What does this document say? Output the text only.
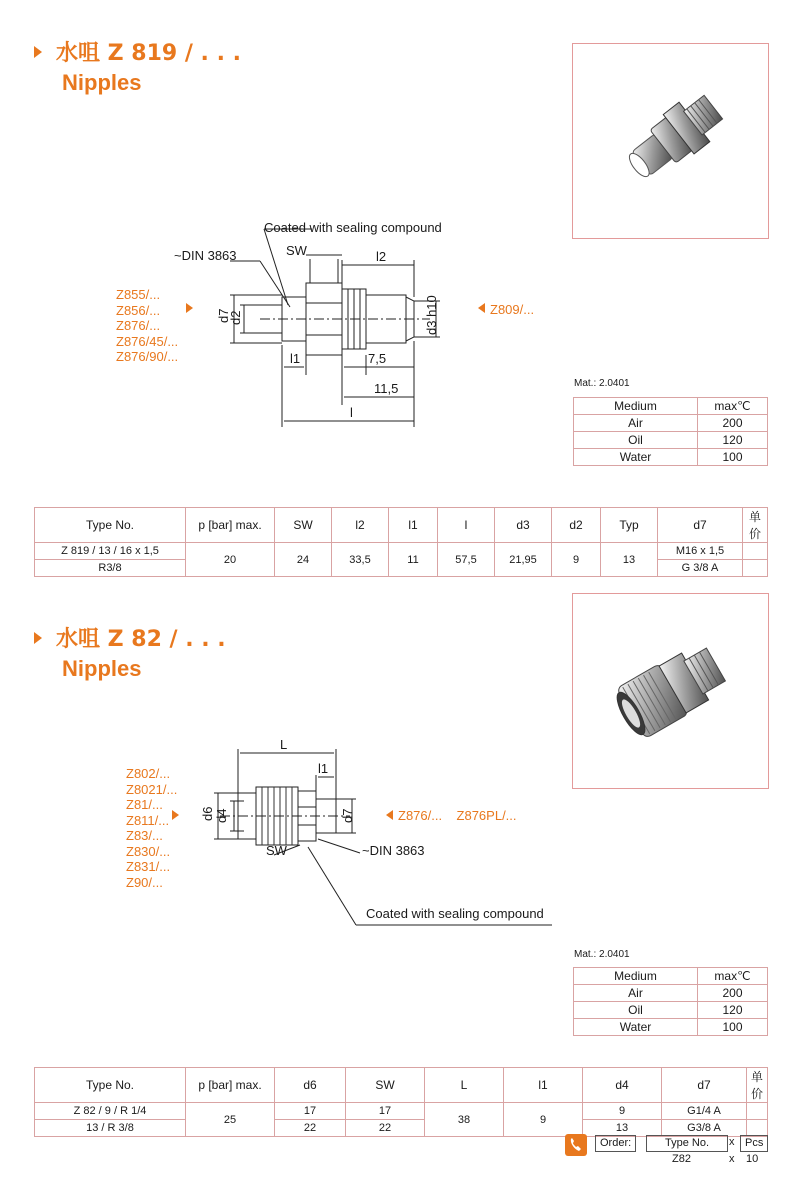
水咀 Z 819 / . . .
Nipples
Coated with sealing compound
~DIN 3863	SW	l2
d7
d2	d3 h10
l1	7,5
11,5
l
Z855/...
Z856/...
Z876/...
Z876/45/...
Z876/90/...
Z809/...
Mat.: 2.0401
Medium	max℃
Air	200
Oil	120
Water	100
Type No.	p [bar] max.	SW	l2	l1	l	d3	d2	Typ	d7	单 价
Z 819 / 13 / 16 x 1,5	20	24	33,5	11	57,5	21,95	9	13	M16 x 1,5	
R3/8									G 3/8 A	
水咀 Z 82 / . . .
Nipples
L
l1
d6 d4	d7
SW	~DIN 3863
Coated with sealing compound
Z802/...
Z8021/...
Z81/...
Z811/...
Z83/...
Z830/...
Z831/...
Z90/...
Z876/... Z876PL/...
Mat.: 2.0401
Medium	max℃
Air	200
Oil	120
Water	100
Type No.	p [bar] max.	d6	SW	L	l1	d4	d7	单 价
Z 82 / 9 / R 1/4	25	17	17	38	9	9	G1/4 A	
13 / R 3/8		22	22			13	G3/8 A	
Order:	Type No.	x Pcs
Z82	x 10
